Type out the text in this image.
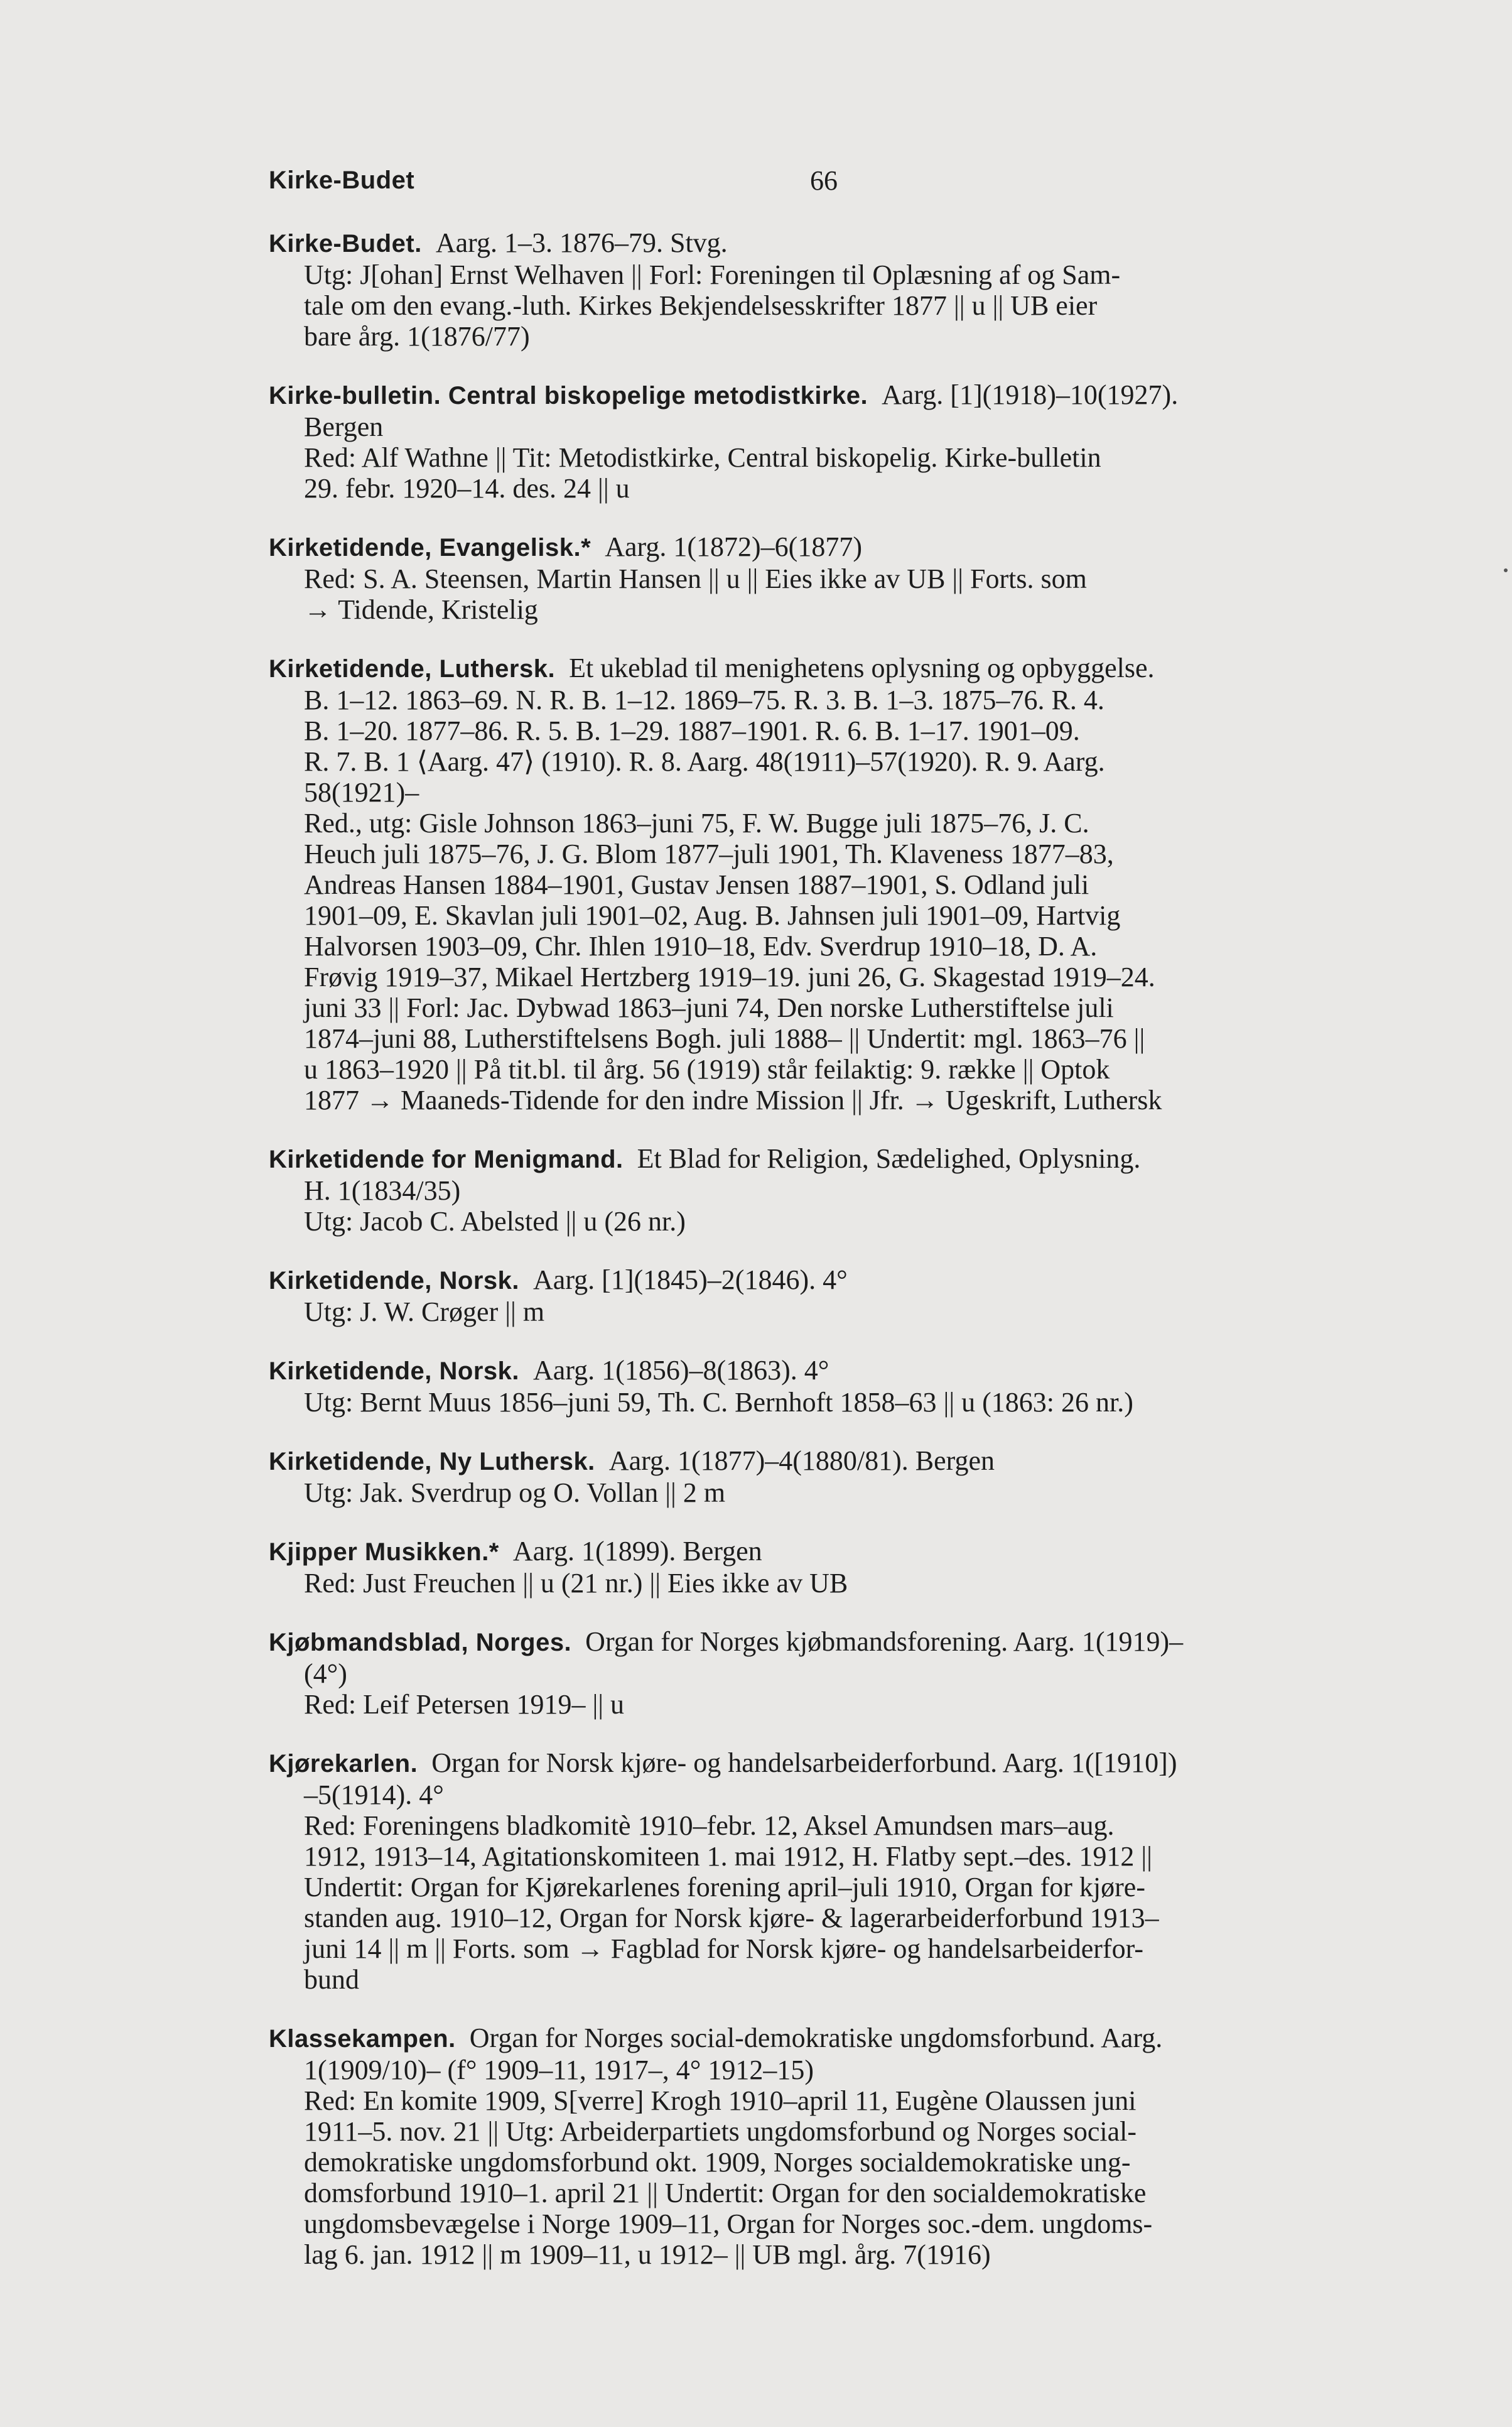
Kirke-Budet	66
Kirke-Budet. Aarg. 1–3. 1876–79. Stvg.
Utg: J[ohan] Ernst Welhaven || Forl: Foreningen til Oplæsning af og Sam-
tale om den evang.-luth. Kirkes Bekjendelsesskrifter 1877 || u || UB eier
bare årg. 1(1876/77)
Kirke-bulletin. Central biskopelige metodistkirke. Aarg. [1](1918)–10(1927).
Bergen
Red: Alf Wathne || Tit: Metodistkirke, Central biskopelig. Kirke-bulletin
29. febr. 1920–14. des. 24 || u
Kirketidende, Evangelisk.* Aarg. 1(1872)–6(1877)
Red: S. A. Steensen, Martin Hansen || u || Eies ikke av UB || Forts. som
→ Tidende, Kristelig
Kirketidende, Luthersk. Et ukeblad til menighetens oplysning og opbyggelse.
B. 1–12. 1863–69. N. R. B. 1–12. 1869–75. R. 3. B. 1–3. 1875–76. R. 4.
B. 1–20. 1877–86. R. 5. B. 1–29. 1887–1901. R. 6. B. 1–17. 1901–09.
R. 7. B. 1 ⟨Aarg. 47⟩ (1910). R. 8. Aarg. 48(1911)–57(1920). R. 9. Aarg.
58(1921)–
Red., utg: Gisle Johnson 1863–juni 75, F. W. Bugge juli 1875–76, J. C.
Heuch juli 1875–76, J. G. Blom 1877–juli 1901, Th. Klaveness 1877–83,
Andreas Hansen 1884–1901, Gustav Jensen 1887–1901, S. Odland juli
1901–09, E. Skavlan juli 1901–02, Aug. B. Jahnsen juli 1901–09, Hartvig
Halvorsen 1903–09, Chr. Ihlen 1910–18, Edv. Sverdrup 1910–18, D. A.
Frøvig 1919–37, Mikael Hertzberg 1919–19. juni 26, G. Skagestad 1919–24.
juni 33 || Forl: Jac. Dybwad 1863–juni 74, Den norske Lutherstiftelse juli
1874–juni 88, Lutherstiftelsens Bogh. juli 1888– || Undertit: mgl. 1863–76 ||
u 1863–1920 || På tit.bl. til årg. 56 (1919) står feilaktig: 9. række || Optok
1877 → Maaneds-Tidende for den indre Mission || Jfr. → Ugeskrift, Luthersk
Kirketidende for Menigmand. Et Blad for Religion, Sædelighed, Oplysning.
H. 1(1834/35)
Utg: Jacob C. Abelsted || u (26 nr.)
Kirketidende, Norsk. Aarg. [1](1845)–2(1846). 4°
Utg: J. W. Crøger || m
Kirketidende, Norsk. Aarg. 1(1856)–8(1863). 4°
Utg: Bernt Muus 1856–juni 59, Th. C. Bernhoft 1858–63 || u (1863: 26 nr.)
Kirketidende, Ny Luthersk. Aarg. 1(1877)–4(1880/81). Bergen
Utg: Jak. Sverdrup og O. Vollan || 2 m
Kjipper Musikken.* Aarg. 1(1899). Bergen
Red: Just Freuchen || u (21 nr.) || Eies ikke av UB
Kjøbmandsblad, Norges. Organ for Norges kjøbmandsforening. Aarg. 1(1919)–
(4°)
Red: Leif Petersen 1919– || u
Kjørekarlen. Organ for Norsk kjøre- og handelsarbeiderforbund. Aarg. 1([1910])
–5(1914). 4°
Red: Foreningens bladkomitè 1910–febr. 12, Aksel Amundsen mars–aug.
1912, 1913–14, Agitationskomiteen 1. mai 1912, H. Flatby sept.–des. 1912 ||
Undertit: Organ for Kjørekarlenes forening april–juli 1910, Organ for kjøre-
standen aug. 1910–12, Organ for Norsk kjøre- & lagerarbeiderforbund 1913–
juni 14 || m || Forts. som → Fagblad for Norsk kjøre- og handelsarbeiderfor-
bund
Klassekampen. Organ for Norges social-demokratiske ungdomsforbund. Aarg.
1(1909/10)– (f° 1909–11, 1917–, 4° 1912–15)
Red: En komite 1909, S[verre] Krogh 1910–april 11, Eugène Olaussen juni
1911–5. nov. 21 || Utg: Arbeiderpartiets ungdomsforbund og Norges social-
demokratiske ungdomsforbund okt. 1909, Norges socialdemokratiske ung-
domsforbund 1910–1. april 21 || Undertit: Organ for den socialdemokratiske
ungdomsbevægelse i Norge 1909–11, Organ for Norges soc.-dem. ungdoms-
lag 6. jan. 1912 || m 1909–11, u 1912– || UB mgl. årg. 7(1916)
